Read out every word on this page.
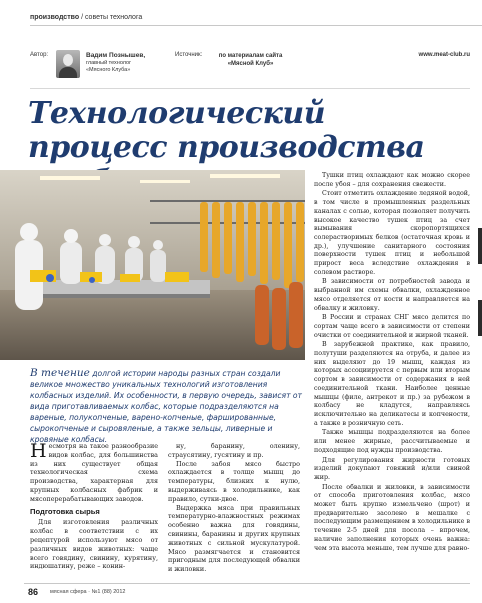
производство / советы технолога
Автор:	Вадим Познышев,
главный технолог «Мясного Клуба»
Источник:	по материалам сайта «Мясной Клуб»
www.meat-club.ru
Технологический процесс производства

В течение долгой истории народы разных стран создали великое множество уникальных технологий изготовления колбасных изделий. Их особенности, в первую очередь, зависят от вида приготавливаемых колбас, которые подразделяются на вареные, полукопченые, варено-копченые, фаршированные, сырокопченые и сыровяленые, а также зельцы, ливерные и кровяные колбасы.

Несмотря на такое разнообразие видов колбас, для большинства из них существует общая технологическая схема производства, характерная для крупных колбасных фабрик и мясоперерабатывающих заводов.

Подготовка сырья

Для изготовления различных колбас в соответствии с их рецептурой используют мясо от различных видов животных: чаще всего говядину, свинину, курятину, индюшатину, реже – конин-

ну, баранину, оленину, страусятину, гусятину и пр.

После забоя мясо быстро охлаждается в толще мышц до температуры, близких к нулю, выдерживаясь в холодильнике, как правило, сутки-двое.

Выдержка мяса при правильных температурно-влажностных режимах особенно важна для говядины, свинины, баранины и других крупных животных с сильной мускулатурой. Мясо размягчается и становится пригодным для последующей обвалки и жиловки.

Тушки птиц охлаждают как можно скорее после убоя – для сохранения свежести.

Стоит отметить охлаждение ледяной водой, в том числе в промышленных раздельных каналах с солью, которая позволяет получить высокое качество тушек птиц за счет вымывания скоропортящихся солерастворимых белков (остаточная кровь и др.), улучшение санитарного состояния поверхности тушек птиц и небольшой прирост веса вследствие охлаждения в солевом растворе.

В зависимости от потребностей завода и выбранной им схемы обвалки, охлажденное мясо отделяется от кости и направляется на обвалку и жиловку.

В России и странах СНГ мясо делится по сортам чаще всего в зависимости от степени очистки от соединительной и жирной тканей.

В зарубежной практике, как правило, полутуши разделяются на отруба, и далее из них выделяют до 19 мышц, каждая из которых ассоциируется с первым или вторым сортом в зависимости от содержания в ней соединительной ткани. Наиболее ценные мышцы (филе, антрекот и пр.) за рубежом в колбасу не кладутся, направляясь исключительно на деликатесы и копчености, а также в розничную сеть.

Также мышцы подразделяются на более или менее жирные, рассчитываемые и подходящие под нужды производства.

Для регулирования жирности готовых изделий докупают говяжий и/или свиной жир.

После обвалки и жиловки, в зависимости от способа приготовления колбас, мясо может быть крупно измельчено (шрот) и предварительно засолено в мешалке с последующим размещением в холодильнике в течение 2-5 дней для посола – впрочем, наличие заполнения которых очень важна: чем эта высота меньше, тем лучше для равно-

86 мясная сфера · №1 (88) 2012
